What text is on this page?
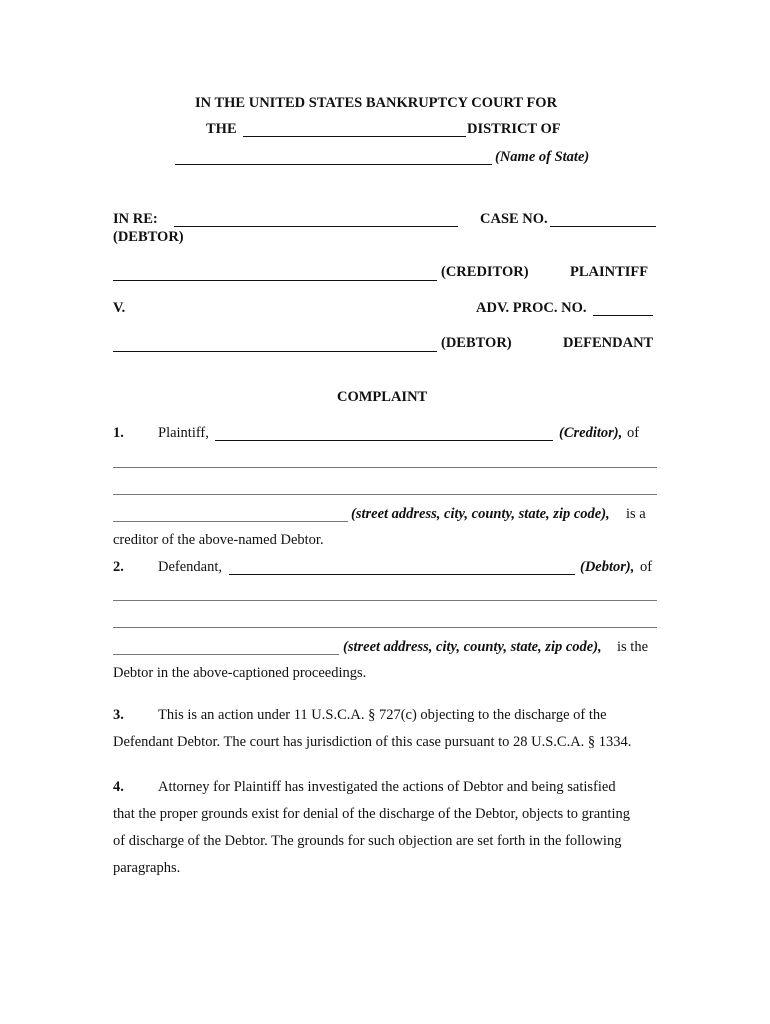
IN THE UNITED STATES BANKRUPTCY COURT FOR
THE	DISTRICT OF
(Name of State)
IN RE:
(DEBTOR)
CASE NO.
(CREDITOR)	PLAINTIFF
V.	ADV. PROC. NO.
(DEBTOR)	DEFENDANT
COMPLAINT
1. Plaintiff,	(Creditor), of
(street address, city, county, state, zip code), is a
creditor of the above-named Debtor.
2. Defendant,	(Debtor), of
(street address, city, county, state, zip code), is the
Debtor in the above-captioned proceedings.
3. This is an action under 11 U.S.C.A. § 727(c) objecting to the discharge of the
Defendant Debtor. The court has jurisdiction of this case pursuant to 28 U.S.C.A. § 1334.
4. Attorney for Plaintiff has investigated the actions of Debtor and being satisfied
that the proper grounds exist for denial of the discharge of the Debtor, objects to granting
of discharge of the Debtor. The grounds for such objection are set forth in the following
paragraphs.
